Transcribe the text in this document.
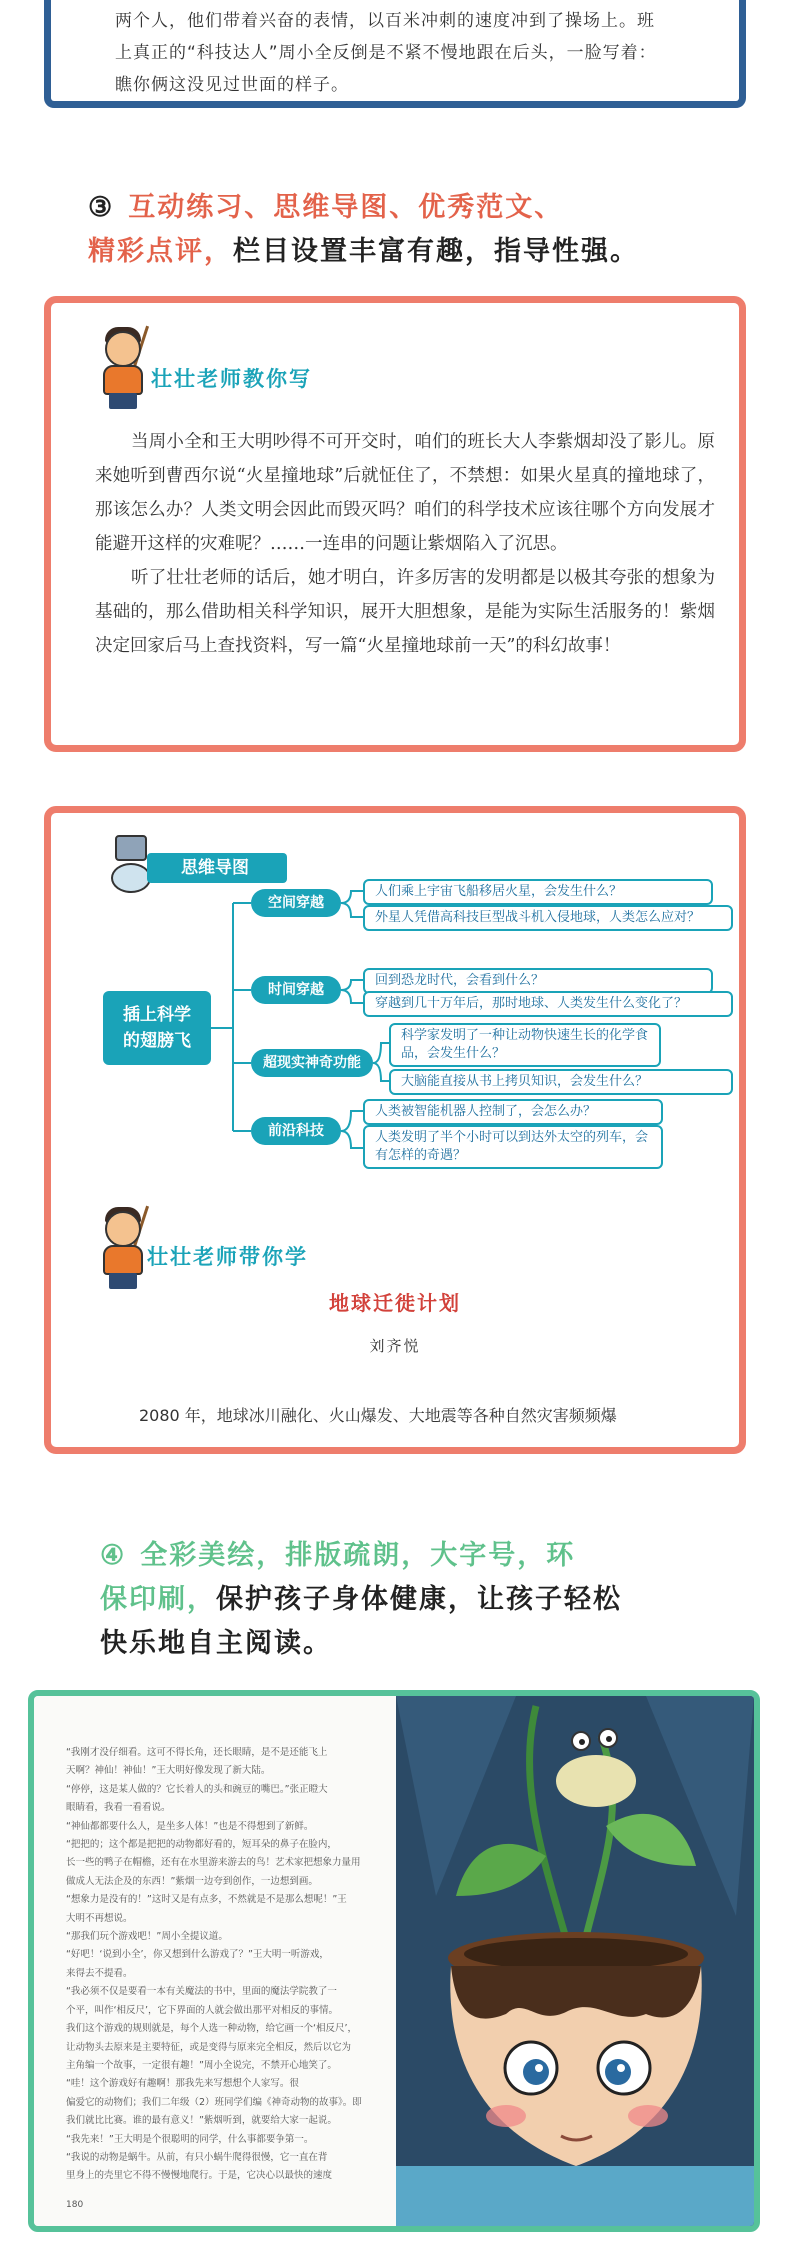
两个人，他们带着兴奋的表情，以百米冲刺的速度冲到了操场上。班

上真正的“科技达人”周小全反倒是不紧不慢地跟在后头，一脸写着：

瞧你俩这没见过世面的样子。

③ 互动练习、思维导图、优秀范文、
精彩点评，栏目设置丰富有趣，指导性强。
壮壮老师教你写

当周小全和王大明吵得不可开交时，咱们的班长大人李紫烟却没了影儿。原来她听到曹西尔说“火星撞地球”后就怔住了，不禁想：如果火星真的撞地球了，那该怎么办？人类文明会因此而毁灭吗？咱们的科学技术应该往哪个方向发展才能避开这样的灾难呢？……一连串的问题让紫烟陷入了沉思。

听了壮壮老师的话后，她才明白，许多厉害的发明都是以极其夸张的想象为基础的，那么借助相关科学知识，展开大胆想象，是能为实际生活服务的！紫烟决定回家后马上查找资料，写一篇“火星撞地球前一天”的科幻故事！

思维导图
插上科学
的翅膀飞
空间穿越
时间穿越
超现实神奇功能
前沿科技
人们乘上宇宙飞船移居火星，会发生什么？
外星人凭借高科技巨型战斗机入侵地球，人类怎么应对？
回到恐龙时代，会看到什么？
穿越到几十万年后，那时地球、人类发生什么变化了？
科学家发明了一种让动物快速生长的化学食品，会发生什么？
大脑能直接从书上拷贝知识，会发生什么？
人类被智能机器人控制了，会怎么办？
人类发明了半个小时可以到达外太空的列车，会有怎样的奇遇？
壮壮老师带你学
地球迁徙计划
刘齐悦
2080 年，地球冰川融化、火山爆发、大地震等各种自然灾害频频爆
④ 全彩美绘，排版疏朗，大字号，环
保印刷，保护孩子身体健康，让孩子轻松
快乐地自主阅读。

“我刚才没仔细看。这可不得长角，还长眼睛，是不是还能飞上

天啊？神仙！神仙！”王大明好像发现了新大陆。

“停停，这是某人做的？它长着人的头和豌豆的嘴巴。”张正瞪大

眼睛看，我看一看看说。

“神仙都都要什么人，是坐多人体！”也是不得想到了新鲜。

“把把的；这个都是把把的动物都好看的，短耳朵的鼻子在脸内，

长一些的鸭子在帽檐，还有在水里游来游去的鸟！艺术家把想象力量用

做成人无法企及的东西！”紫烟一边夸到创作，一边想到画。

“想象力是没有的！”这时又是有点多，不然就是不是那么想呢！”王

大明不再想说。

“那我们玩个游戏吧！”周小全提议道。

“好吧！‘说到小全’，你又想到什么游戏了？”王大明一听游戏，

来得去不提看。

“我必须不仅是要看一本有关魔法的书中，里面的魔法学院教了一

个平，叫作‘相反尺’，它下界面的人就会做出那平对相反的事情。

我们这个游戏的规则就是，每个人选一种动物，给它画一个‘相反尺’，

让动物头去原来是主要特征，或是变得与原来完全相反，然后以它为

主角编一个故事，一定很有趣！”周小全说完，不禁开心地笑了。

“哇！这个游戏好有趣啊！那我先来写想想个人家写。很

偏爱它的动物们；我们二年级（2）班同学们编《神奇动物的故事》。即

我们就比比赛。谁的最有意义！”紫烟听到，就要给大家一起说。

“我先来！”王大明是个很聪明的同学，什么事都要争第一。

“我说的动物是蜗牛。从前，有只小蜗牛爬得很慢，它一直在背

里身上的壳里它不得不慢慢地爬行。于是，它决心以最快的速度

180
